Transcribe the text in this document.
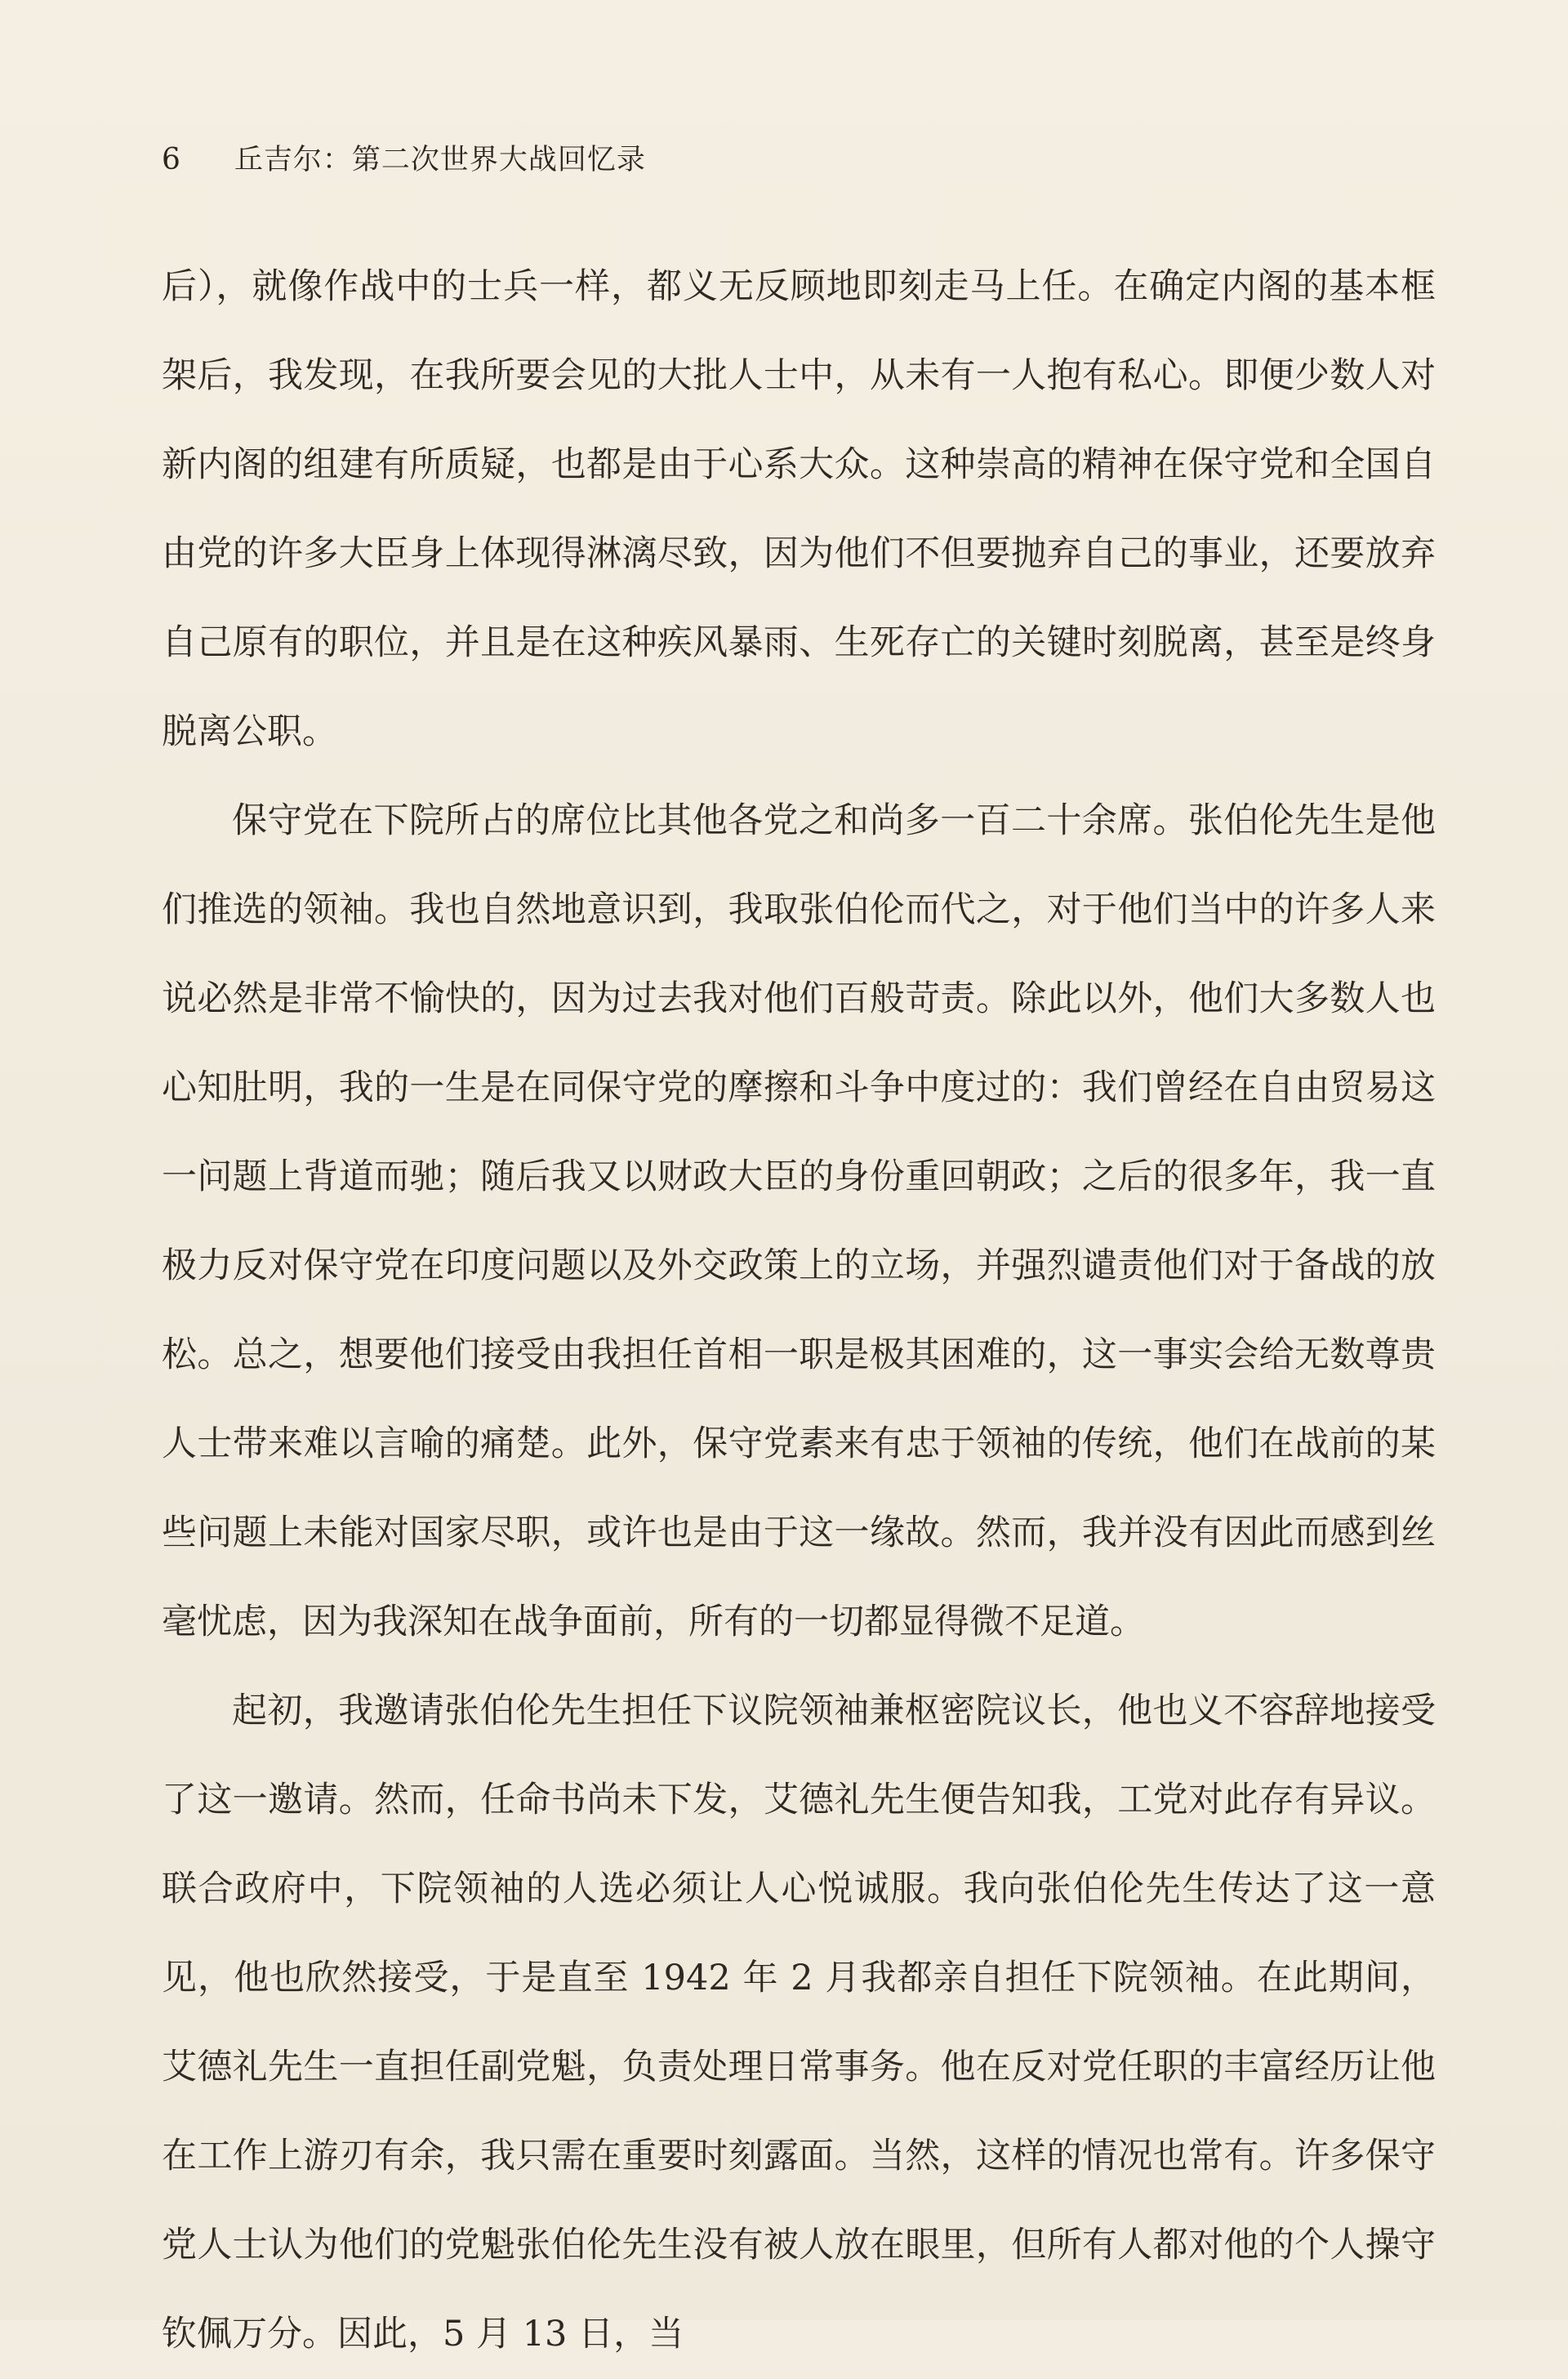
6 丘吉尔：第二次世界大战回忆录

后），就像作战中的士兵一样，都义无反顾地即刻走马上任。在确定内阁的基本框架后，我发现，在我所要会见的大批人士中，从未有一人抱有私心。即便少数人对新内阁的组建有所质疑，也都是由于心系大众。这种崇高的精神在保守党和全国自由党的许多大臣身上体现得淋漓尽致，因为他们不但要抛弃自己的事业，还要放弃自己原有的职位，并且是在这种疾风暴雨、生死存亡的关键时刻脱离，甚至是终身脱离公职。

保守党在下院所占的席位比其他各党之和尚多一百二十余席。张伯伦先生是他们推选的领袖。我也自然地意识到，我取张伯伦而代之，对于他们当中的许多人来说必然是非常不愉快的，因为过去我对他们百般苛责。除此以外，他们大多数人也心知肚明，我的一生是在同保守党的摩擦和斗争中度过的：我们曾经在自由贸易这一问题上背道而驰；随后我又以财政大臣的身份重回朝政；之后的很多年，我一直极力反对保守党在印度问题以及外交政策上的立场，并强烈谴责他们对于备战的放松。总之，想要他们接受由我担任首相一职是极其困难的，这一事实会给无数尊贵人士带来难以言喻的痛楚。此外，保守党素来有忠于领袖的传统，他们在战前的某些问题上未能对国家尽职，或许也是由于这一缘故。然而，我并没有因此而感到丝毫忧虑，因为我深知在战争面前，所有的一切都显得微不足道。

起初，我邀请张伯伦先生担任下议院领袖兼枢密院议长，他也义不容辞地接受了这一邀请。然而，任命书尚未下发，艾德礼先生便告知我，工党对此存有异议。联合政府中，下院领袖的人选必须让人心悦诚服。我向张伯伦先生传达了这一意见，他也欣然接受，于是直至 1942 年 2 月我都亲自担任下院领袖。在此期间，艾德礼先生一直担任副党魁，负责处理日常事务。他在反对党任职的丰富经历让他在工作上游刃有余，我只需在重要时刻露面。当然，这样的情况也常有。许多保守党人士认为他们的党魁张伯伦先生没有被人放在眼里，但所有人都对他的个人操守钦佩万分。因此，5 月 13 日，当
